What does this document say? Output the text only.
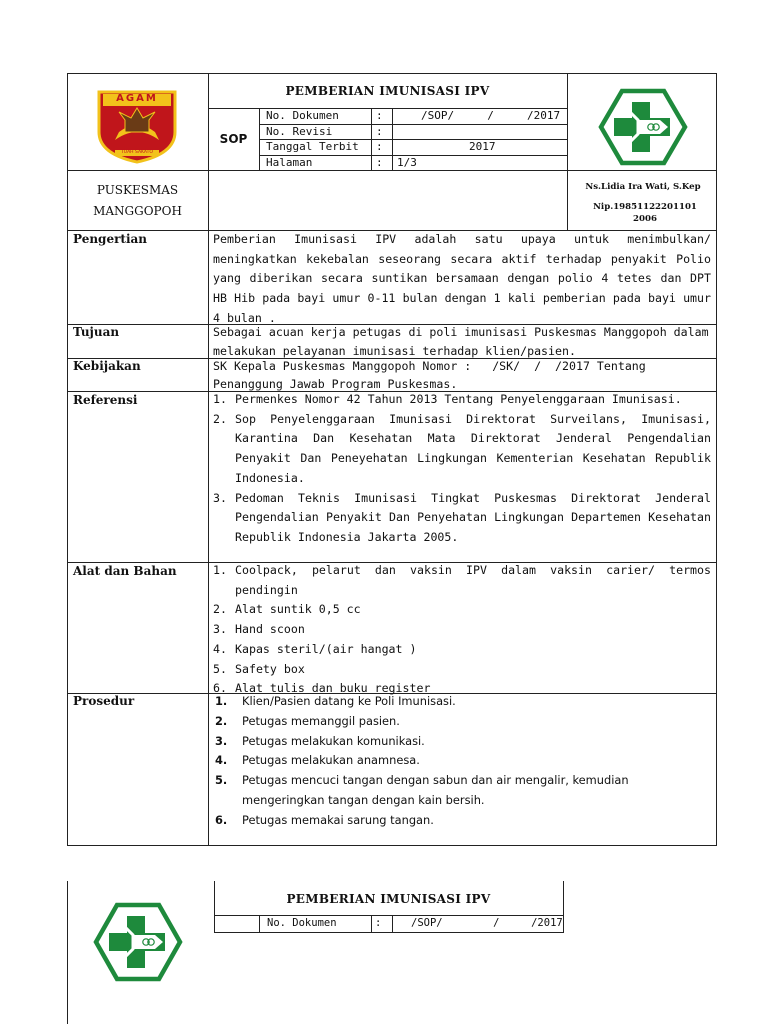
AGAM
TUAH SAKATO
PEMBERIAN IMUNISASI IPV
SOP
No. Dokumen	:	/SOP/     /     /2017
No. Revisi	:
Tanggal Terbit :	2017
Halaman	: 1/3
PUSKESMAS
MANGGOPOH
Ns.Lidia Ira Wati, S.Kep
Nip.19851122201101 2006
Pengertian	Pemberian Imunisasi IPV adalah satu upaya untuk menimbulkan/ meningkatkan kekebalan seseorang secara aktif terhadap penyakit Polio yang diberikan secara suntikan bersamaan dengan polio 4 tetes dan DPT HB Hib pada bayi umur 0-11 bulan dengan 1 kali pemberian pada bayi umur 4 bulan .
Tujuan	Sebagai acuan kerja petugas di poli imunisasi Puskesmas Manggopoh dalam melakukan pelayanan imunisasi terhadap klien/pasien.
Kebijakan	SK Kepala Puskesmas Manggopoh Nomor :   /SK/  /  /2017 Tentang Penanggung Jawab Program Puskesmas.
Referensi	1. Permenkes Nomor 42 Tahun 2013 Tentang Penyelenggaraan Imunisasi.
2. Sop Penyelenggaraan Imunisasi Direktorat Surveilans, Imunisasi, Karantina Dan Kesehatan Mata Direktorat Jenderal Pengendalian Penyakit Dan Peneyehatan Lingkungan Kementerian Kesehatan Republik Indonesia.
3. Pedoman Teknis Imunisasi Tingkat Puskesmas Direktorat Jenderal Pengendalian Penyakit Dan Penyehatan Lingkungan Departemen Kesehatan Republik Indonesia Jakarta 2005.
Alat dan Bahan	1. Coolpack, pelarut dan vaksin IPV dalam vaksin carier/ termos pendingin
2. Alat suntik 0,5 cc
3. Hand scoon
4. Kapas steril/(air hangat )
5. Safety box
6. Alat tulis dan buku register
Prosedur	1. Klien/Pasien datang ke Poli Imunisasi.
2. Petugas memanggil pasien.
3. Petugas melakukan komunikasi.
4. Petugas melakukan anamnesa.
5. Petugas mencuci tangan dengan sabun dan air mengalir, kemudian mengeringkan tangan dengan kain bersih.
6. Petugas memakai sarung tangan.
PEMBERIAN IMUNISASI IPV
No. Dokumen	:	/SOP/        /     /2017
